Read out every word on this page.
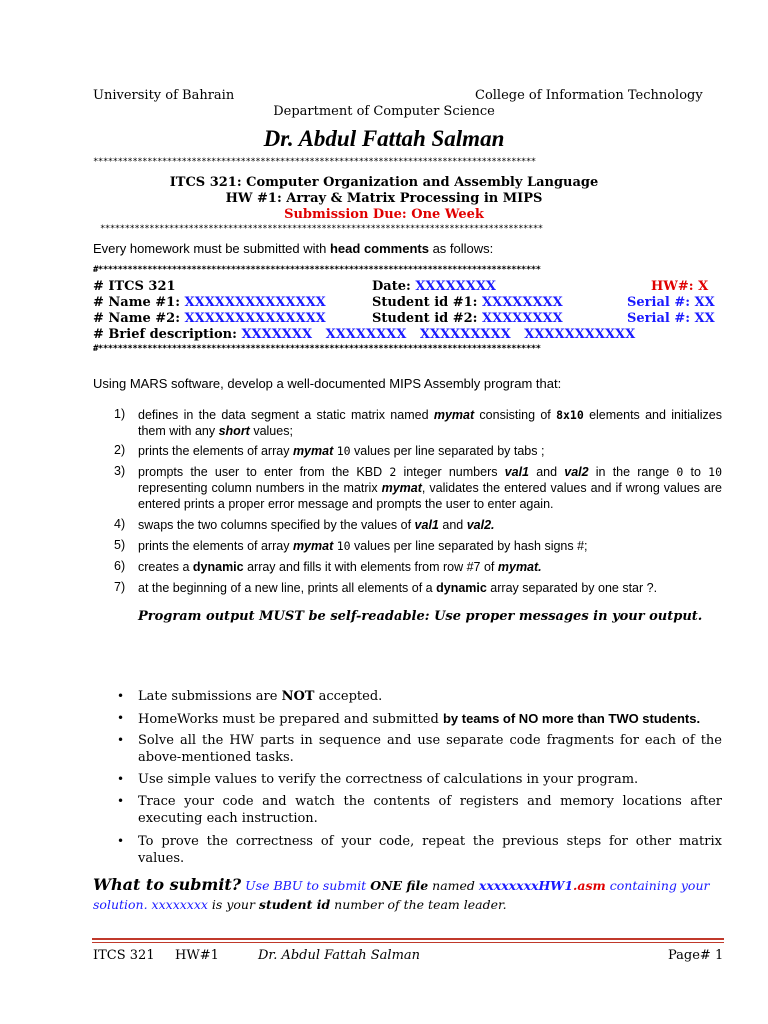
University of Bahrain	College of Information Technology
Department of Computer Science
Dr. Abdul Fattah Salman
******************************************************************************************
ITCS 321: Computer Organization and Assembly Language
HW #1: Array & Matrix Processing in MIPS
Submission Due: One Week
******************************************************************************************
Every homework must be submitted with head comments as follows:
#******************************************************************************************
# ITCS 321	Date: XXXXXXXX	HW#: X
# Name #1: XXXXXXXXXXXXXX	Student id #1: XXXXXXXX	Serial #: XX
# Name #2: XXXXXXXXXXXXXX	Student id #2: XXXXXXXX	Serial #: XX
# Brief description: XXXXXXX   XXXXXXXX   XXXXXXXXX   XXXXXXXXXXX
#******************************************************************************************
Using MARS software, develop a well-documented MIPS Assembly program that:
1) defines in the data segment a static matrix named mymat consisting of 8x10 elements and initializes them with any short values;
2) prints the elements of array mymat 10 values per line separated by tabs ;
3) prompts the user to enter from the KBD 2 integer numbers val1 and val2 in the range 0 to 10 representing column numbers in the matrix mymat, validates the entered values and if wrong values are entered prints a proper error message and prompts the user to enter again.
4) swaps the two columns specified by the values of val1 and val2.
5) prints the elements of array mymat 10 values per line separated by hash signs #;
6) creates a dynamic array and fills it with elements from row #7 of mymat.
7) at the beginning of a new line, prints all elements of a dynamic array separated by one star ?.
Program output MUST be self-readable: Use proper messages in your output.
• Late submissions are NOT accepted.
• HomeWorks must be prepared and submitted by teams of NO more than TWO students.
• Solve all the HW parts in sequence and use separate code fragments for each of the above-mentioned tasks.
• Use simple values to verify the correctness of calculations in your program.
• Trace your code and watch the contents of registers and memory locations after executing each instruction.
• To prove the correctness of your code, repeat the previous steps for other matrix values.
What to submit? Use BBU to submit ONE file named xxxxxxxxHW1.asm containing your solution. xxxxxxxx is your student id number of the team leader.
ITCS 321 HW#1	Dr. Abdul Fattah Salman	Page# 1
